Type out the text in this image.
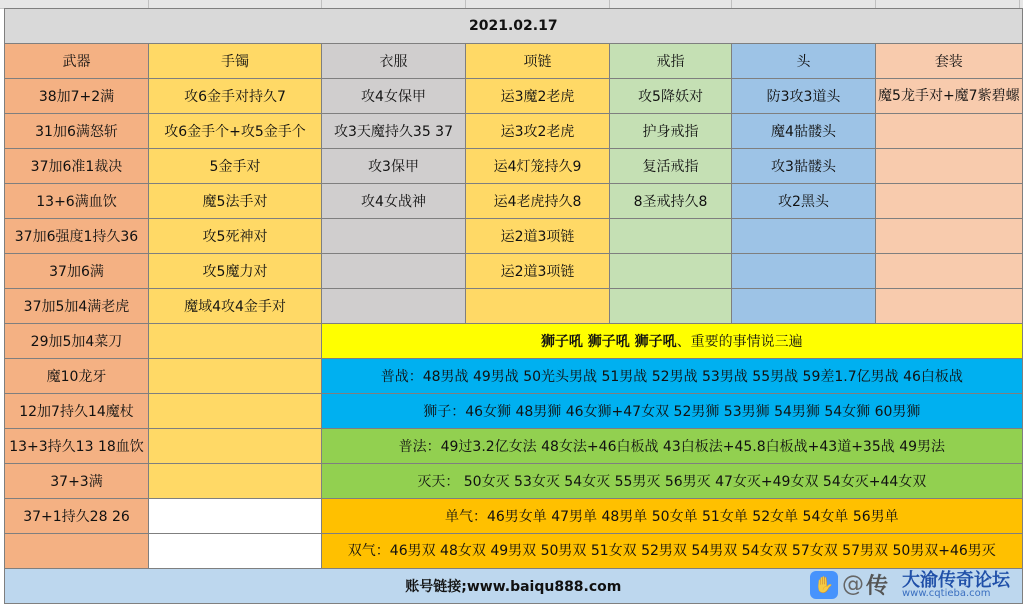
2021.02.17						
武器	手镯	衣服	项链	戒指	头	套装
38加7+2满	攻6金手对持久7	攻4女保甲	运3魔2老虎	攻5降妖对	防3攻3道头	魔5龙手对+魔7紫碧螺
31加6满怒斩	攻6金手个+攻5金手个	攻3天魔持久35 37	运3攻2老虎	护身戒指	魔4骷髅头	
37加6准1裁决	5金手对	攻3保甲	运4灯笼持久9	复活戒指	攻3骷髅头	
13+6满血饮	魔5法手对	攻4女战神	运4老虎持久8	8圣戒持久8	攻2黑头	
37加6强度1持久36	攻5死神对		运2道3项链			
37加6满	攻5魔力对		运2道3项链			
37加5加4满老虎	魔域4攻4金手对					
29加5加4菜刀		狮子吼 狮子吼 狮子吼、重要的事情说三遍				
魔10龙牙		普战：48男战 49男战 50光头男战 51男战 52男战 53男战 55男战 59差1.7亿男战 46白板战				
12加7持久14魔杖		狮子：46女狮 48男狮 46女狮+47女双 52男狮 53男狮 54男狮 54女狮 60男狮				
13+3持久13 18血饮		普法：49过3.2亿女法 48女法+46白板战 43白板法+45.8白板战+43道+35战 49男法				
37+3满		灭天： 50女灭 53女灭 54女灭 55男灭 56男灭 47女灭+49女双 54女灭+44女双				
37+1持久28 26		单气：46男女单 47男单 48男单 50女单 51女单 52女单 54女单 56男单				
		双气：46男双 48女双 49男双 50男双 51女双 52男双 54男双 54女双 57女双 57男双 50男双+46男灭				
账号链接;www.baiqu888.com							✋ @ 传 大渝传奇论坛
www.cqtieba.com
